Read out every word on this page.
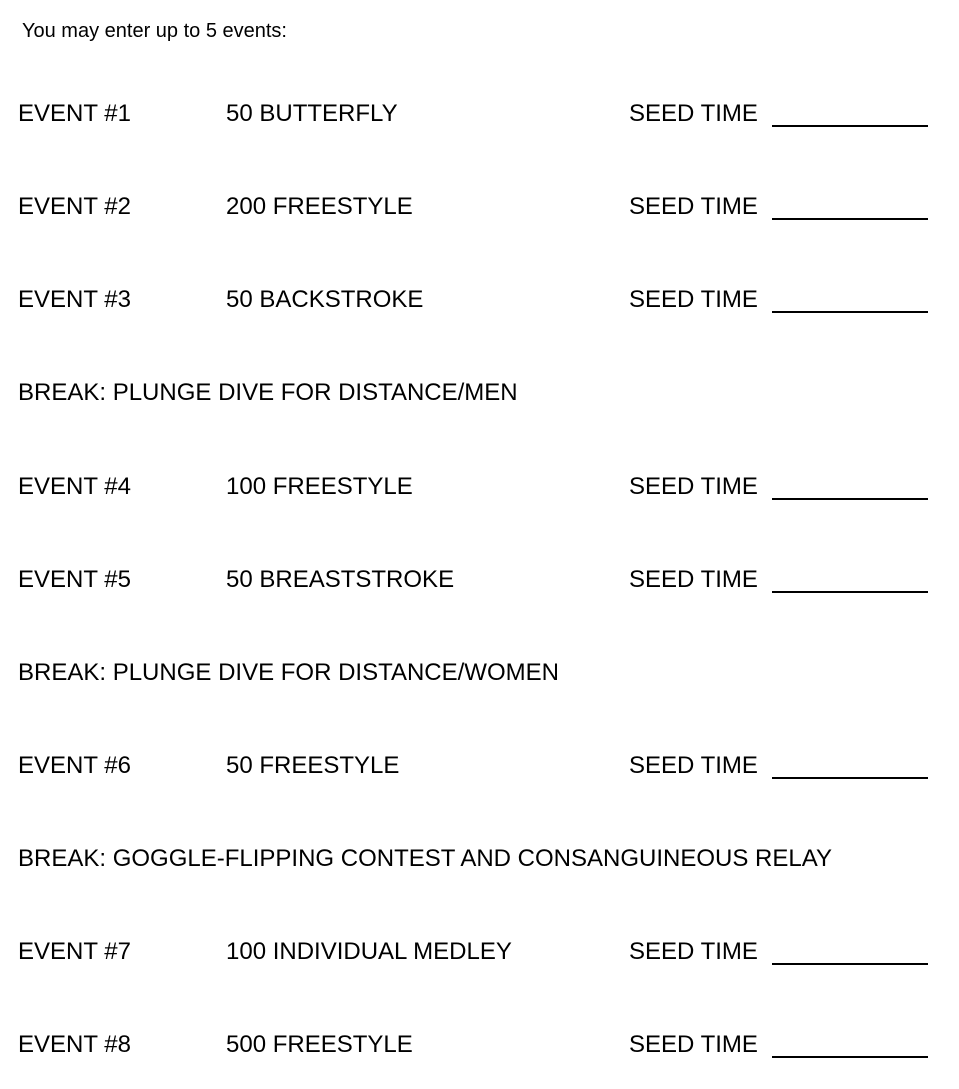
You may enter up to 5 events:
EVENT #1	50 BUTTERFLY	SEED TIME
EVENT #2	200 FREESTYLE	SEED TIME
EVENT #3	50 BACKSTROKE	SEED TIME
BREAK: PLUNGE DIVE FOR DISTANCE/MEN
EVENT #4	100 FREESTYLE	SEED TIME
EVENT #5	50 BREASTSTROKE	SEED TIME
BREAK: PLUNGE DIVE FOR DISTANCE/WOMEN
EVENT #6	50 FREESTYLE	SEED TIME
BREAK: GOGGLE-FLIPPING CONTEST AND CONSANGUINEOUS RELAY
EVENT #7	100 INDIVIDUAL MEDLEY	SEED TIME
EVENT #8	500 FREESTYLE	SEED TIME
